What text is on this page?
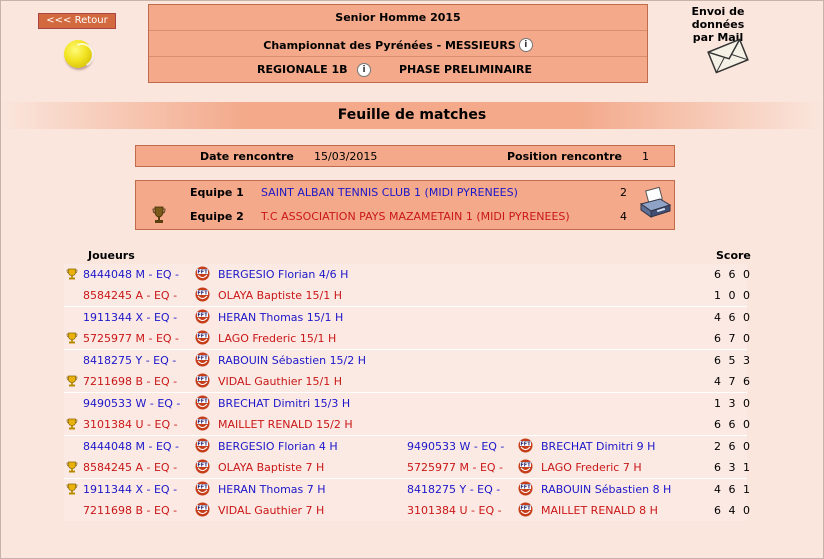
<<< Retour	Senior Homme 2015
Championnat des Pyrénées - MESSIEURS i
REGIONALE 1B	i	PHASE PRELIMINAIRE
Envoi de données
par Mail
Feuille de matches
Date rencontre 15/03/2015	Position rencontre 1
Equipe 1 SAINT ALBAN TENNIS CLUB 1 (MIDI PYRENEES)	2
Equipe 2 T.C ASSOCIATION PAYS MAZAMETAIN 1 (MIDI PYRENEES)	4
Joueurs	Score
8444048 M - EQ -	FFT BERGESIO Florian 4/6 H	6 6 0
8584245 A - EQ -	FFT OLAYA Baptiste 15/1 H	1 0 0
1911344 X - EQ -	FFT HERAN Thomas 15/1 H	4 6 0
5725977 M - EQ -	FFT LAGO Frederic 15/1 H	6 7 0
8418275 Y - EQ -	FFT RABOUIN Sébastien 15/2 H	6 5 3
7211698 B - EQ -	FFT VIDAL Gauthier 15/1 H	4 7 6
9490533 W - EQ -	FFT BRECHAT Dimitri 15/3 H	1 3 0
3101384 U - EQ -	FFT MAILLET RENALD 15/2 H	6 6 0
8444048 M - EQ -	FFT BERGESIO Florian 4 H	9490533 W - EQ -	FFT BRECHAT Dimitri 9 H	2 6 0
8584245 A - EQ -	FFT OLAYA Baptiste 7 H	5725977 M - EQ -	FFT LAGO Frederic 7 H	6 3 1
1911344 X - EQ -	FFT HERAN Thomas 7 H	8418275 Y - EQ -	FFT RABOUIN Sébastien 8 H	4 6 1
7211698 B - EQ -	FFT VIDAL Gauthier 7 H	3101384 U - EQ -	FFT MAILLET RENALD 8 H	6 4 0
